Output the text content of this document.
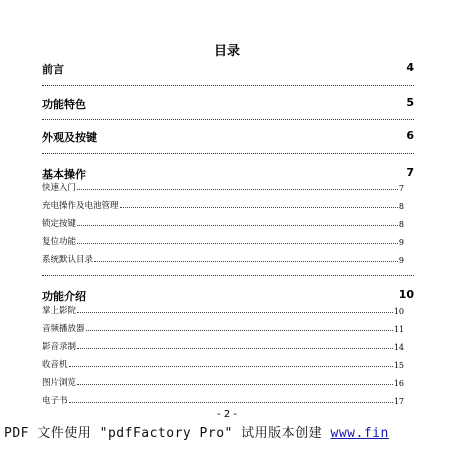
目录
前言	4
功能特色	5
外观及按键	6
基本操作	7
快速入门	7
充电操作及电池管理	8
锁定按键	8
复位功能	9
系统默认目录	9
功能介绍	10
掌上影院	10
音频播放器	11
影音录制	14
收音机	15
图片浏览	16
电子书	17
- 2 -
PDF 文件使用 "pdfFactory Pro" 试用版本创建 www.fin
